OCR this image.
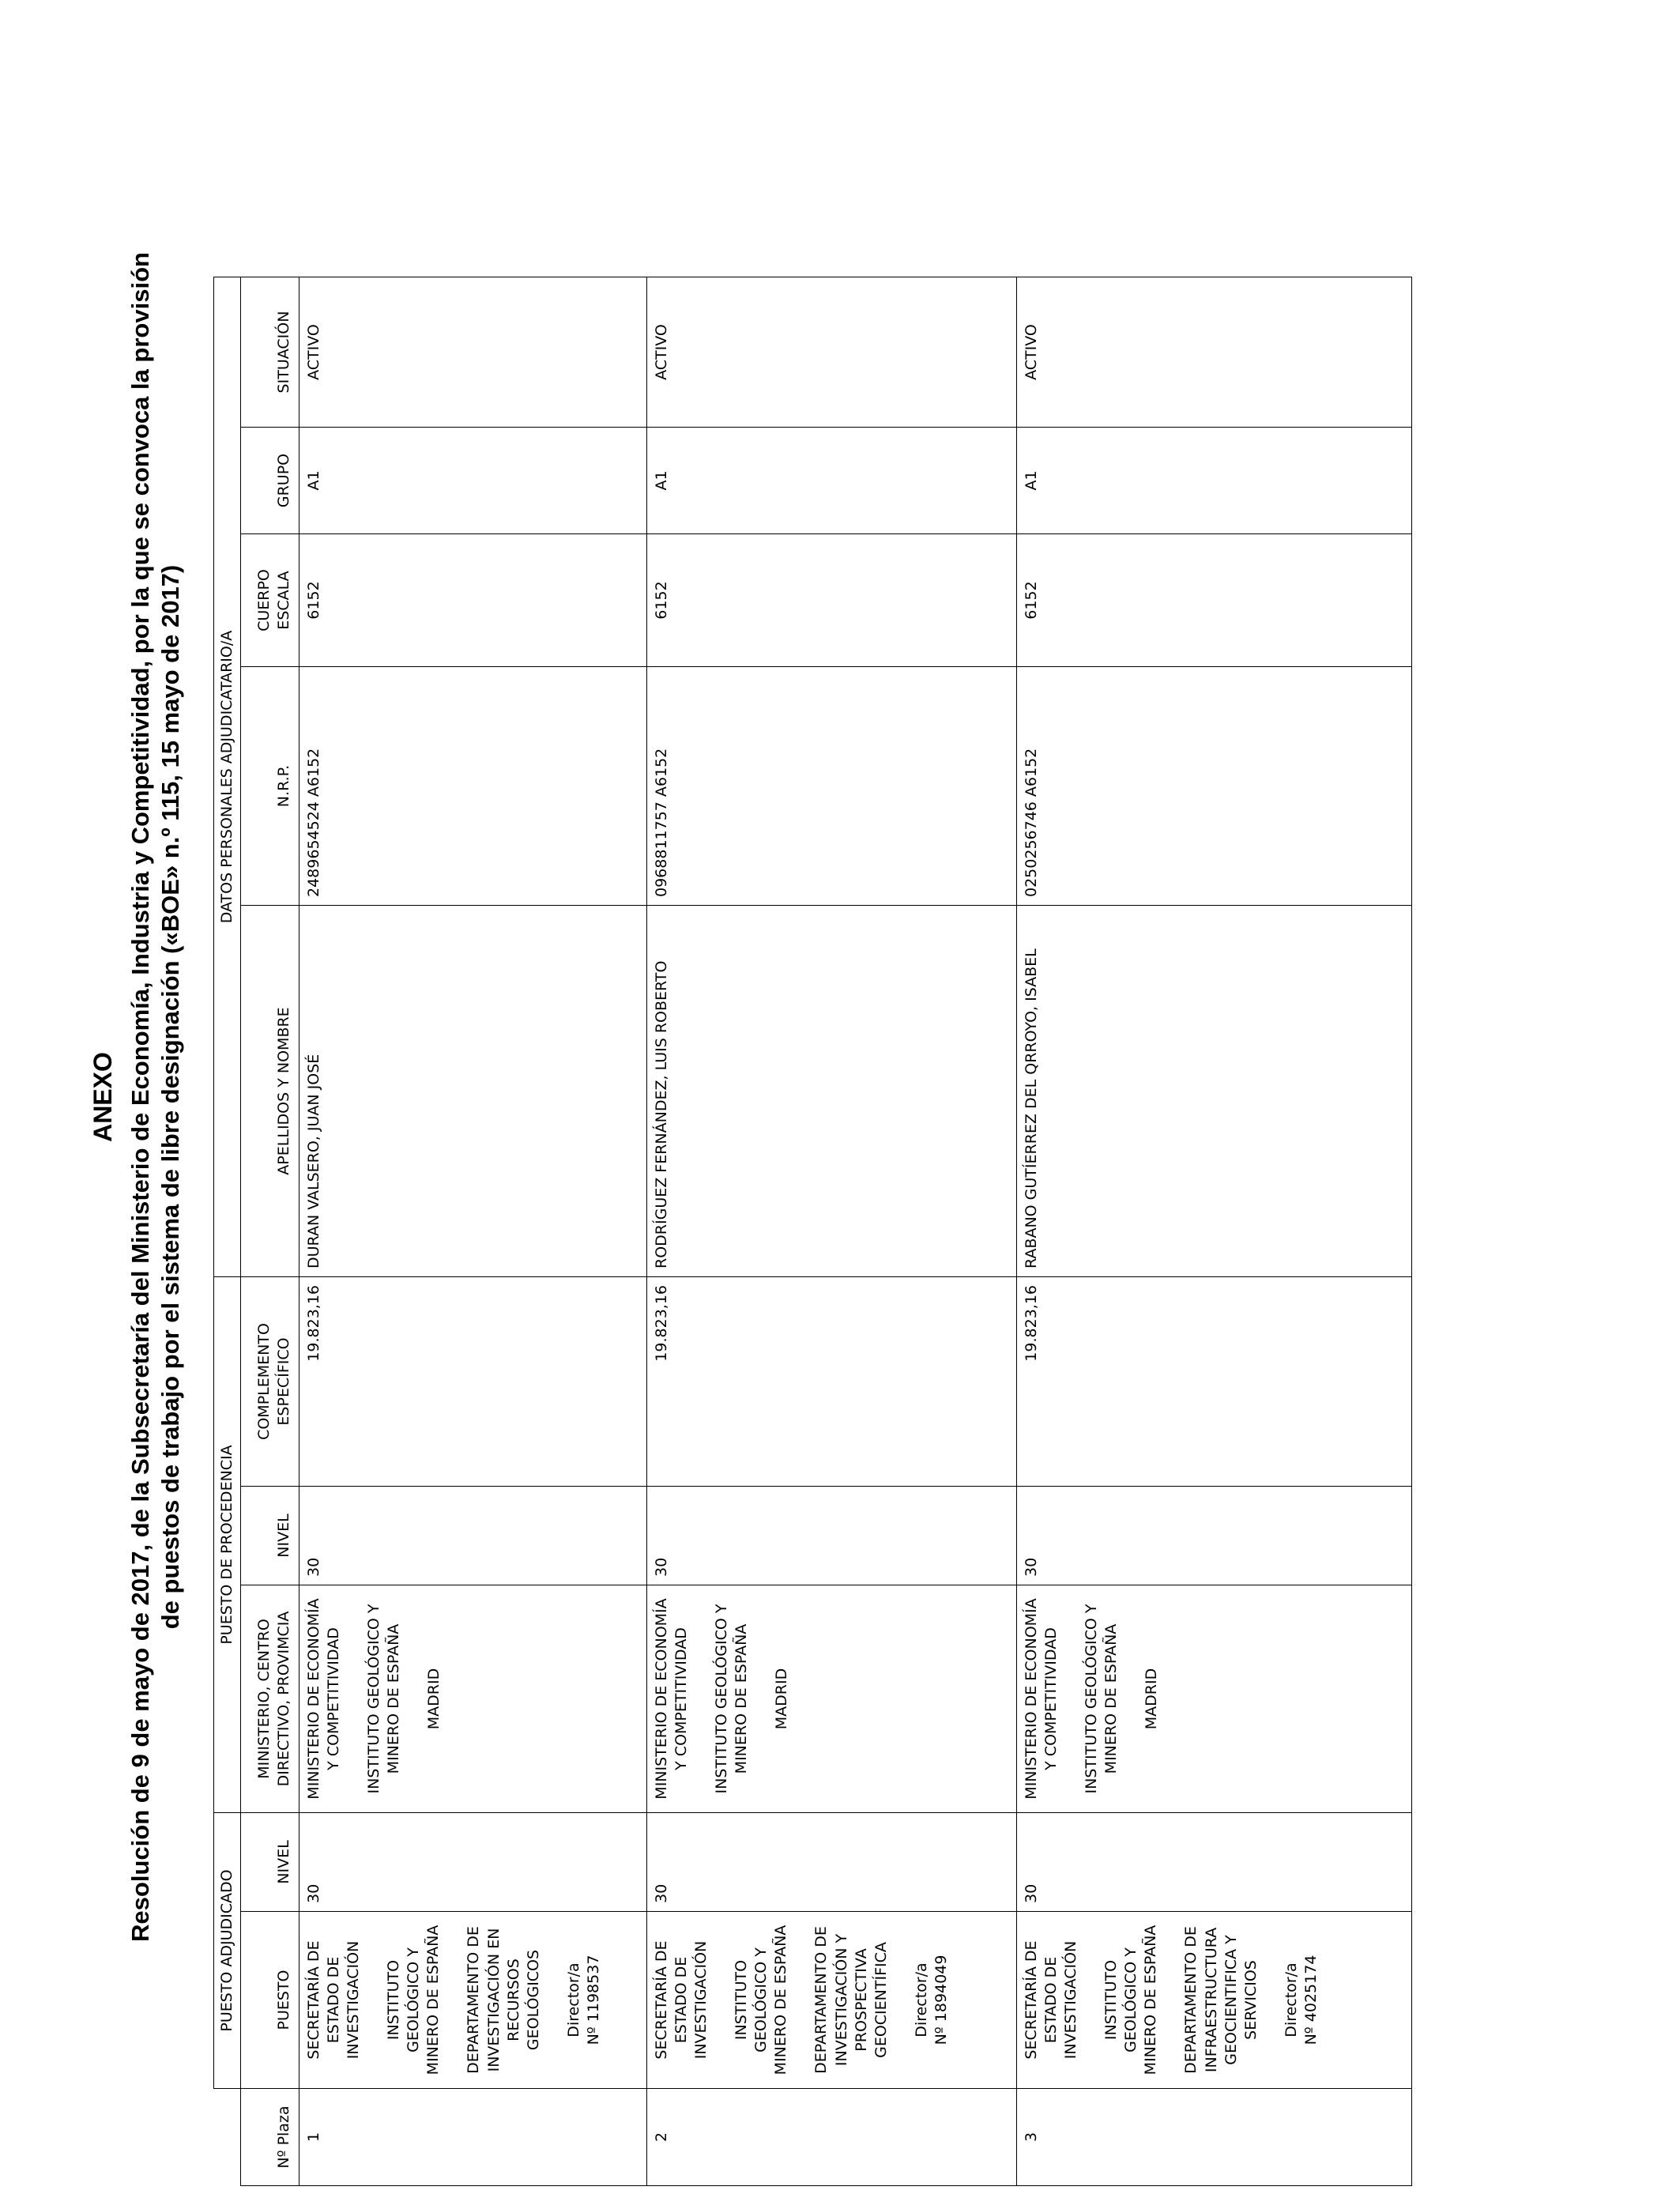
ANEXO Resolución de 9 de mayo de 2017, de la Subsecretaría del Ministerio de Economía, Industria y Competitividad, por la que se convoca la provisión de puestos de trabajo por el sistema de libre designación («BOE» n.º 115, 15 mayo de 2017)
	PUESTO ADJUDICADO		PUESTO DE PROCEDENCIA			DATOS PERSONALES ADJUDICATARIO/A				
Nº Plaza	PUESTO	NIVEL	MINISTERIO, CENTRO DIRECTIVO, PROVIMCIA	NIVEL	COMPLEMENTO ESPECÍFICO	APELLIDOS Y NOMBRE	N.R.P.	CUERPO ESCALA	GRUPO	SITUACIÓN
1	SECRETARÍA DE ESTADO DE INVESTIGACIÓN INSTITUTO GEOLÓGICO Y MINERO DE ESPAÑA DEPARTAMENTO DE INVESTIGACIÓN EN RECURSOS GEOLÓGICOS Director/a Nº 1198537	30	MINISTERIO DE ECONOMÍA Y COMPETITIVIDAD INSTITUTO GEOLÓGICO Y MINERO DE ESPAÑA MADRID	30	19.823,16	DURAN VALSERO, JUAN JOSÉ	2489654524 A6152	6152	A1	ACTIVO
2	SECRETARÍA DE ESTADO DE INVESTIGACIÓN INSTITUTO GEOLÓGICO Y MINERO DE ESPAÑA DEPARTAMENTO DE INVESTIGACIÓN Y PROSPECTIVA GEOCIENTÍFICA Director/a Nº 1894049	30	MINISTERIO DE ECONOMÍA Y COMPETITIVIDAD INSTITUTO GEOLÓGICO Y MINERO DE ESPAÑA MADRID	30	19.823,16	RODRÍGUEZ FERNÁNDEZ, LUIS ROBERTO	0968811757 A6152	6152	A1	ACTIVO
3	SECRETARÍA DE ESTADO DE INVESTIGACIÓN INSTITUTO GEOLÓGICO Y MINERO DE ESPAÑA DEPARTAMENTO DE INFRAESTRUCTURA GEOCIENTIFICA Y SERVICIOS Director/a Nº 4025174	30	MINISTERIO DE ECONOMÍA Y COMPETITIVIDAD INSTITUTO GEOLÓGICO Y MINERO DE ESPAÑA MADRID	30	19.823,16	RABANO GUTÍERREZ DEL QRROYO, ISABEL	0250256746 A6152	6152	A1	ACTIVO
